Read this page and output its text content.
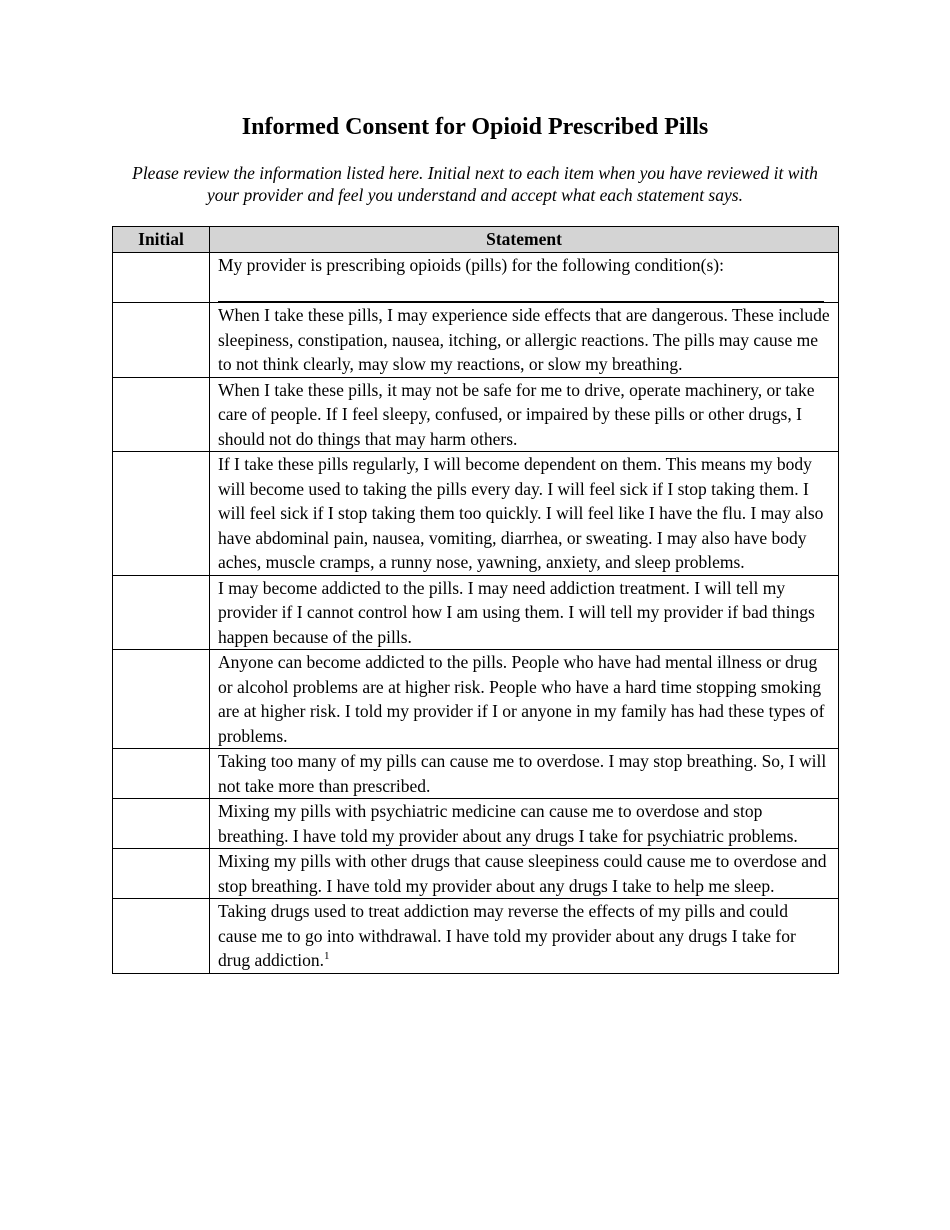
Informed Consent for Opioid Prescribed Pills

Please review the information listed here. Initial next to each item when you have reviewed it with your provider and feel you understand and accept what each statement says.

Initial	Statement
	My provider is prescribing opioids (pills) for the following condition(s):

	When I take these pills, I may experience side effects that are dangerous. These include sleepiness, constipation, nausea, itching, or allergic reactions. The pills may cause me to not think clearly, may slow my reactions, or slow my breathing.
	When I take these pills, it may not be safe for me to drive, operate machinery, or take care of people. If I feel sleepy, confused, or impaired by these pills or other drugs, I should not do things that may harm others.
	If I take these pills regularly, I will become dependent on them. This means my body will become used to taking the pills every day. I will feel sick if I stop taking them. I will feel sick if I stop taking them too quickly. I will feel like I have the flu. I may also have abdominal pain, nausea, vomiting, diarrhea, or sweating. I may also have body aches, muscle cramps, a runny nose, yawning, anxiety, and sleep problems.
	I may become addicted to the pills. I may need addiction treatment. I will tell my provider if I cannot control how I am using them. I will tell my provider if bad things happen because of the pills.
	Anyone can become addicted to the pills. People who have had mental illness or drug or alcohol problems are at higher risk. People who have a hard time stopping smoking are at higher risk. I told my provider if I or anyone in my family has had these types of problems.
	Taking too many of my pills can cause me to overdose. I may stop breathing. So, I will not take more than prescribed.
	Mixing my pills with psychiatric medicine can cause me to overdose and stop breathing. I have told my provider about any drugs I take for psychiatric problems.
	Mixing my pills with other drugs that cause sleepiness could cause me to overdose and stop breathing. I have told my provider about any drugs I take to help me sleep.
	Taking drugs used to treat addiction may reverse the effects of my pills and could cause me to go into withdrawal. I have told my provider about any drugs I take for drug addiction.$^1$
